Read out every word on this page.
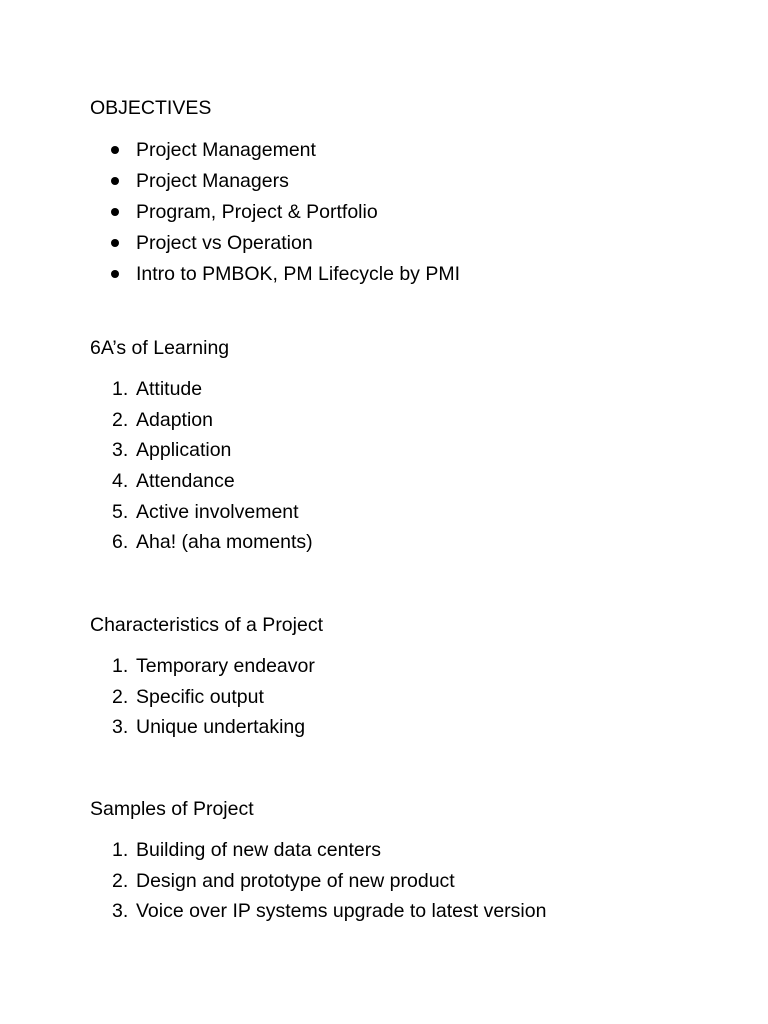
OBJECTIVES

Project Management
Project Managers
Program, Project & Portfolio
Project vs Operation
Intro to PMBOK, PM Lifecycle by PMI

6A’s of Learning

1. Attitude
2. Adaption
3. Application
4. Attendance
5. Active involvement
6. Aha! (aha moments)

Characteristics of a Project

1. Temporary endeavor
2. Specific output
3. Unique undertaking

Samples of Project

1. Building of new data centers
2. Design and prototype of new product
3. Voice over IP systems upgrade to latest version
